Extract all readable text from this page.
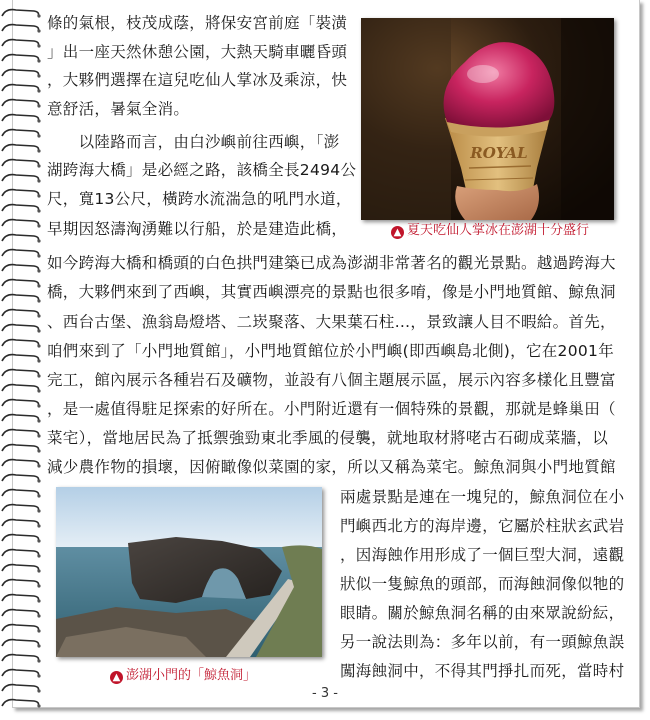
條的氣根，枝茂成蔭，將保安宮前庭「裝潢
」出一座天然休憩公園，大熱天騎車曬昏頭
，大夥們選擇在這兒吃仙人掌冰及乘涼，快
意舒活，暑氣全消。
　　以陸路而言，由白沙嶼前往西嶼，「澎
湖跨海大橋」是必經之路，該橋全長2494公
尺，寬13公尺，橫跨水流湍急的吼門水道，
早期因怒濤洶湧難以行船，於是建造此橋，
ROYAL
▲ 夏天吃仙人掌冰在澎湖十分盛行
如今跨海大橋和橋頭的白色拱門建築已成為澎湖非常著名的觀光景點。越過跨海大
橋，大夥們來到了西嶼，其實西嶼漂亮的景點也很多唷，像是小門地質館、鯨魚洞
、西台古堡、漁翁島燈塔、二崁聚落、大果葉石柱…，景致讓人目不暇給。首先，
咱們來到了「小門地質館」，小門地質館位於小門嶼(即西嶼島北側)，它在2001年
完工，館內展示各種岩石及礦物，並設有八個主題展示區，展示內容多樣化且豐富
，是一處值得駐足探索的好所在。小門附近還有一個特殊的景觀，那就是蜂巢田（
菜宅），當地居民為了抵禦強勁東北季風的侵襲，就地取材將咾古石砌成菜牆，以
減少農作物的損壞，因俯瞰像似菜園的家，所以又稱為菜宅。鯨魚洞與小門地質館
▲ 澎湖小門的「鯨魚洞」
兩處景點是連在一塊兒的，鯨魚洞位在小
門嶼西北方的海岸邊，它屬於柱狀玄武岩
，因海蝕作用形成了一個巨型大洞，遠觀
狀似一隻鯨魚的頭部，而海蝕洞像似牠的
眼睛。關於鯨魚洞名稱的由來眾說紛紜，
另一說法則為：多年以前，有一頭鯨魚誤
闖海蝕洞中，不得其門掙扎而死，當時村
- 3 -
